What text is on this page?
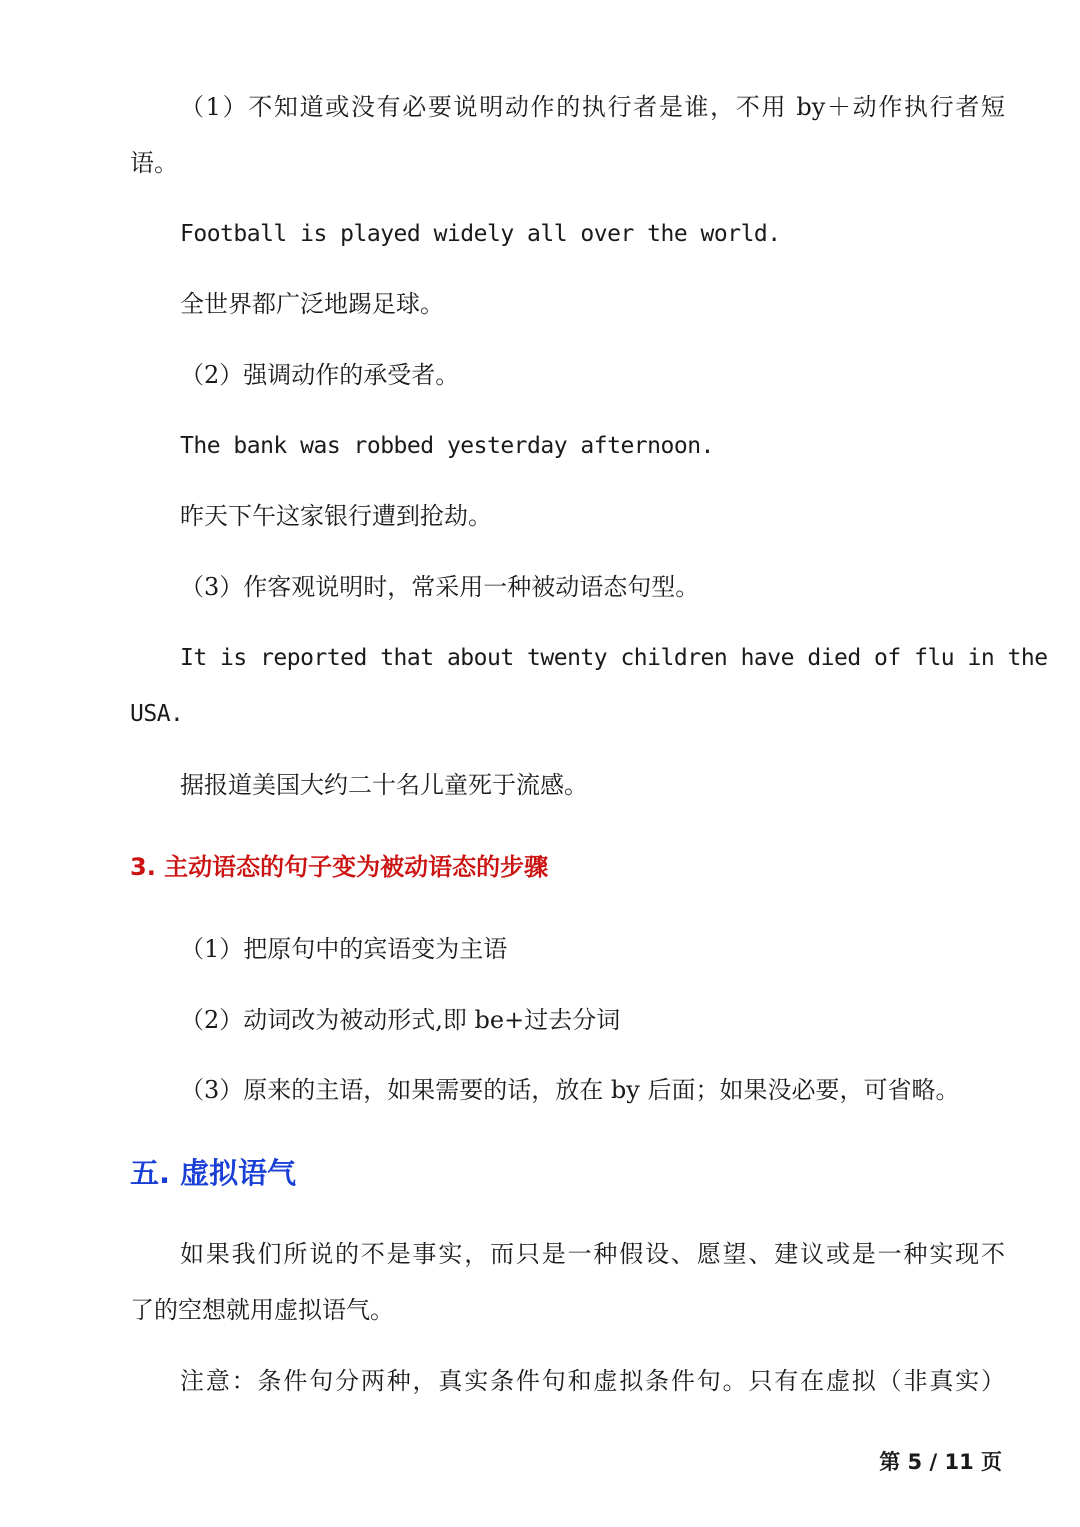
（1）不知道或没有必要说明动作的执行者是谁，不用 by＋动作执行者短
语。
Football is played widely all over the world.
全世界都广泛地踢足球。
（2）强调动作的承受者。
The bank was robbed yesterday afternoon.
昨天下午这家银行遭到抢劫。
（3）作客观说明时，常采用一种被动语态句型。
It is reported that about twenty children have died of flu in the
USA.
据报道美国大约二十名儿童死于流感。
3. 主动语态的句子变为被动语态的步骤
（1）把原句中的宾语变为主语
（2）动词改为被动形式,即 be+过去分词
（3）原来的主语，如果需要的话，放在 by 后面；如果没必要，可省略。
五. 虚拟语气
如果我们所说的不是事实，而只是一种假设、愿望、建议或是一种实现不
了的空想就用虚拟语气。
注意：条件句分两种，真实条件句和虚拟条件句。只有在虚拟（非真实）
第 5 / 11 页
